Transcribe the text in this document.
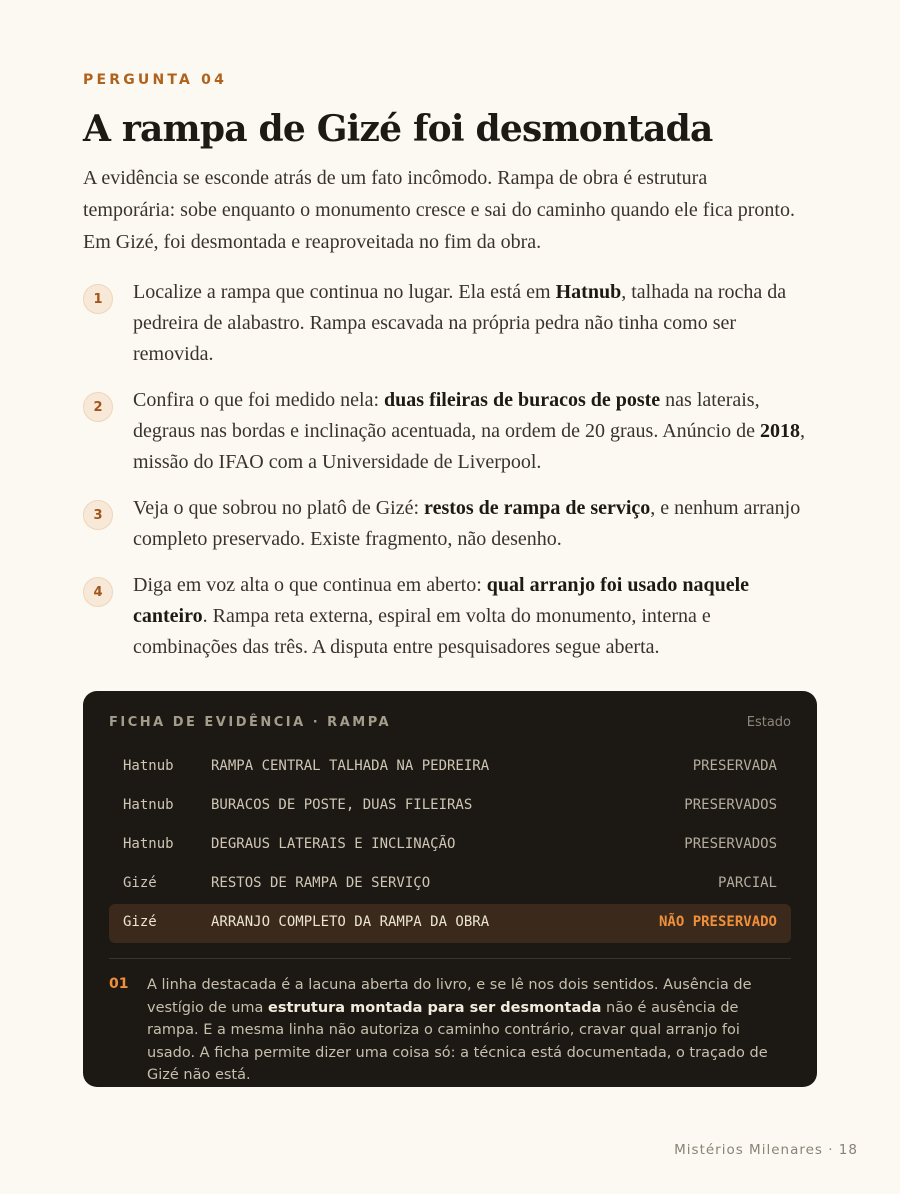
PERGUNTA 04
A rampa de Gizé foi desmontada

A evidência se esconde atrás de um fato incômodo. Rampa de obra é estrutura temporária: sobe enquanto o monumento cresce e sai do caminho quando ele fica pronto. Em Gizé, foi desmontada e reaproveitada no fim da obra.

1	Localize a rampa que continua no lugar. Ela está em Hatnub, talhada na rocha da pedreira de alabastro. Rampa escavada na própria pedra não tinha como ser removida.

2	Confira o que foi medido nela: duas fileiras de buracos de poste nas laterais, degraus nas bordas e inclinação acentuada, na ordem de 20 graus. Anúncio de 2018, missão do IFAO com a Universidade de Liverpool.

3	Veja o que sobrou no platô de Gizé: restos de rampa de serviço, e nenhum arranjo completo preservado. Existe fragmento, não desenho.

4	Diga em voz alta o que continua em aberto: qual arranjo foi usado naquele canteiro. Rampa reta externa, espiral em volta do monumento, interna e combinações das três. A disputa entre pesquisadores segue aberta.

FICHA DE EVIDÊNCIA · RAMPA	Estado
Hatnub	RAMPA CENTRAL TALHADA NA PEDREIRA	PRESERVADA
Hatnub	BURACOS DE POSTE, DUAS FILEIRAS	PRESERVADOS
Hatnub	DEGRAUS LATERAIS E INCLINAÇÃO	PRESERVADOS
Gizé	RESTOS DE RAMPA DE SERVIÇO	PARCIAL
Gizé	ARRANJO COMPLETO DA RAMPA DA OBRA	NÃO PRESERVADO
01 A linha destacada é a lacuna aberta do livro, e se lê nos dois sentidos. Ausência de vestígio de uma estrutura montada para ser desmontada não é ausência de rampa. E a mesma linha não autoriza o caminho contrário, cravar qual arranjo foi usado. A ficha permite dizer uma coisa só: a técnica está documentada, o traçado de Gizé não está.

Mistérios Milenares · 18
